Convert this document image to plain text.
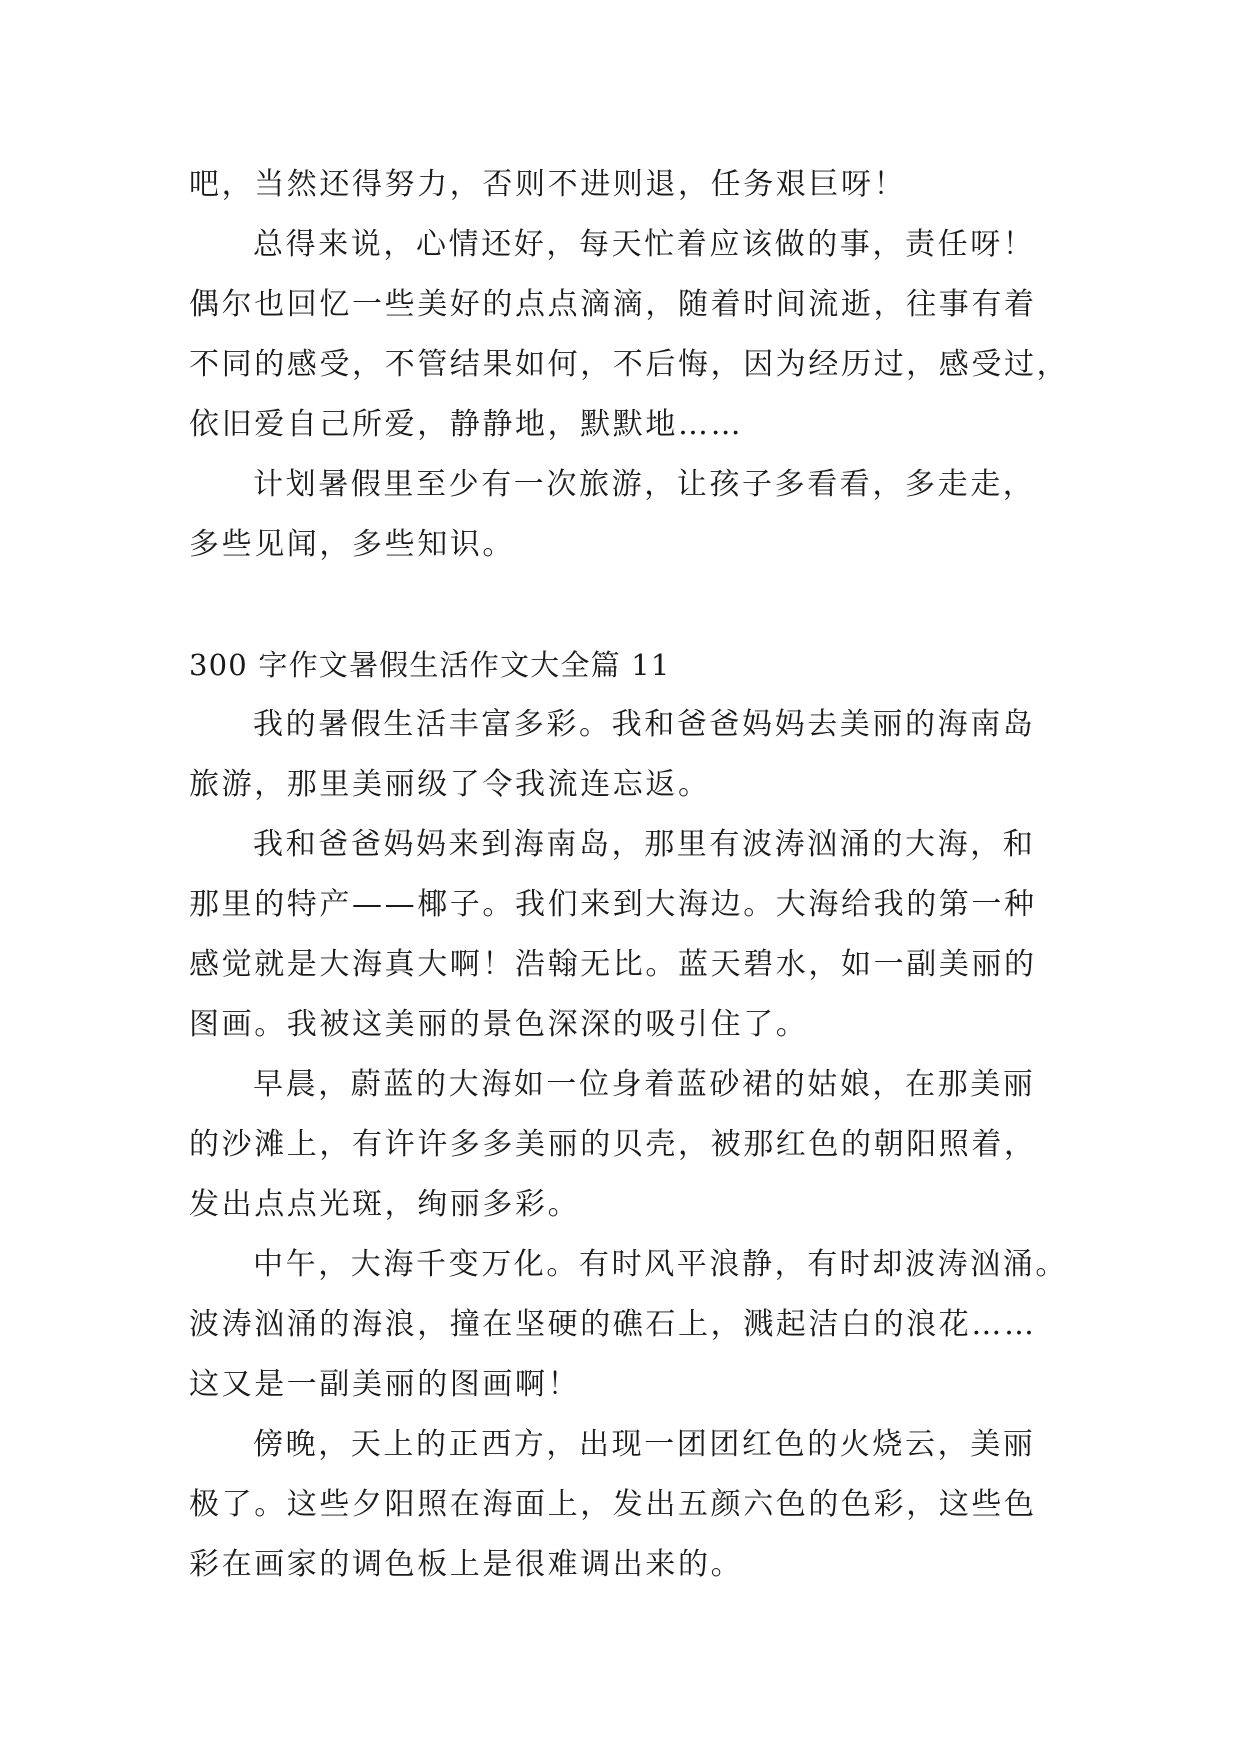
吧，当然还得努力，否则不进则退，任务艰巨呀！
总得来说，心情还好，每天忙着应该做的事，责任呀！
偶尔也回忆一些美好的点点滴滴，随着时间流逝，往事有着
不同的感受，不管结果如何，不后悔，因为经历过，感受过，
依旧爱自己所爱，静静地，默默地……
计划暑假里至少有一次旅游，让孩子多看看，多走走，
多些见闻，多些知识。
300 字作文暑假生活作文大全篇 11
我的暑假生活丰富多彩。我和爸爸妈妈去美丽的海南岛
旅游，那里美丽级了令我流连忘返。
我和爸爸妈妈来到海南岛，那里有波涛汹涌的大海，和
那里的特产——椰子。我们来到大海边。大海给我的第一种
感觉就是大海真大啊！浩翰无比。蓝天碧水，如一副美丽的
图画。我被这美丽的景色深深的吸引住了。
早晨，蔚蓝的大海如一位身着蓝砂裙的姑娘，在那美丽
的沙滩上，有许许多多美丽的贝壳，被那红色的朝阳照着，
发出点点光斑，绚丽多彩。
中午，大海千变万化。有时风平浪静，有时却波涛汹涌。
波涛汹涌的海浪，撞在坚硬的礁石上，溅起洁白的浪花……
这又是一副美丽的图画啊！
傍晚，天上的正西方，出现一团团红色的火烧云，美丽
极了。这些夕阳照在海面上，发出五颜六色的色彩，这些色
彩在画家的调色板上是很难调出来的。
